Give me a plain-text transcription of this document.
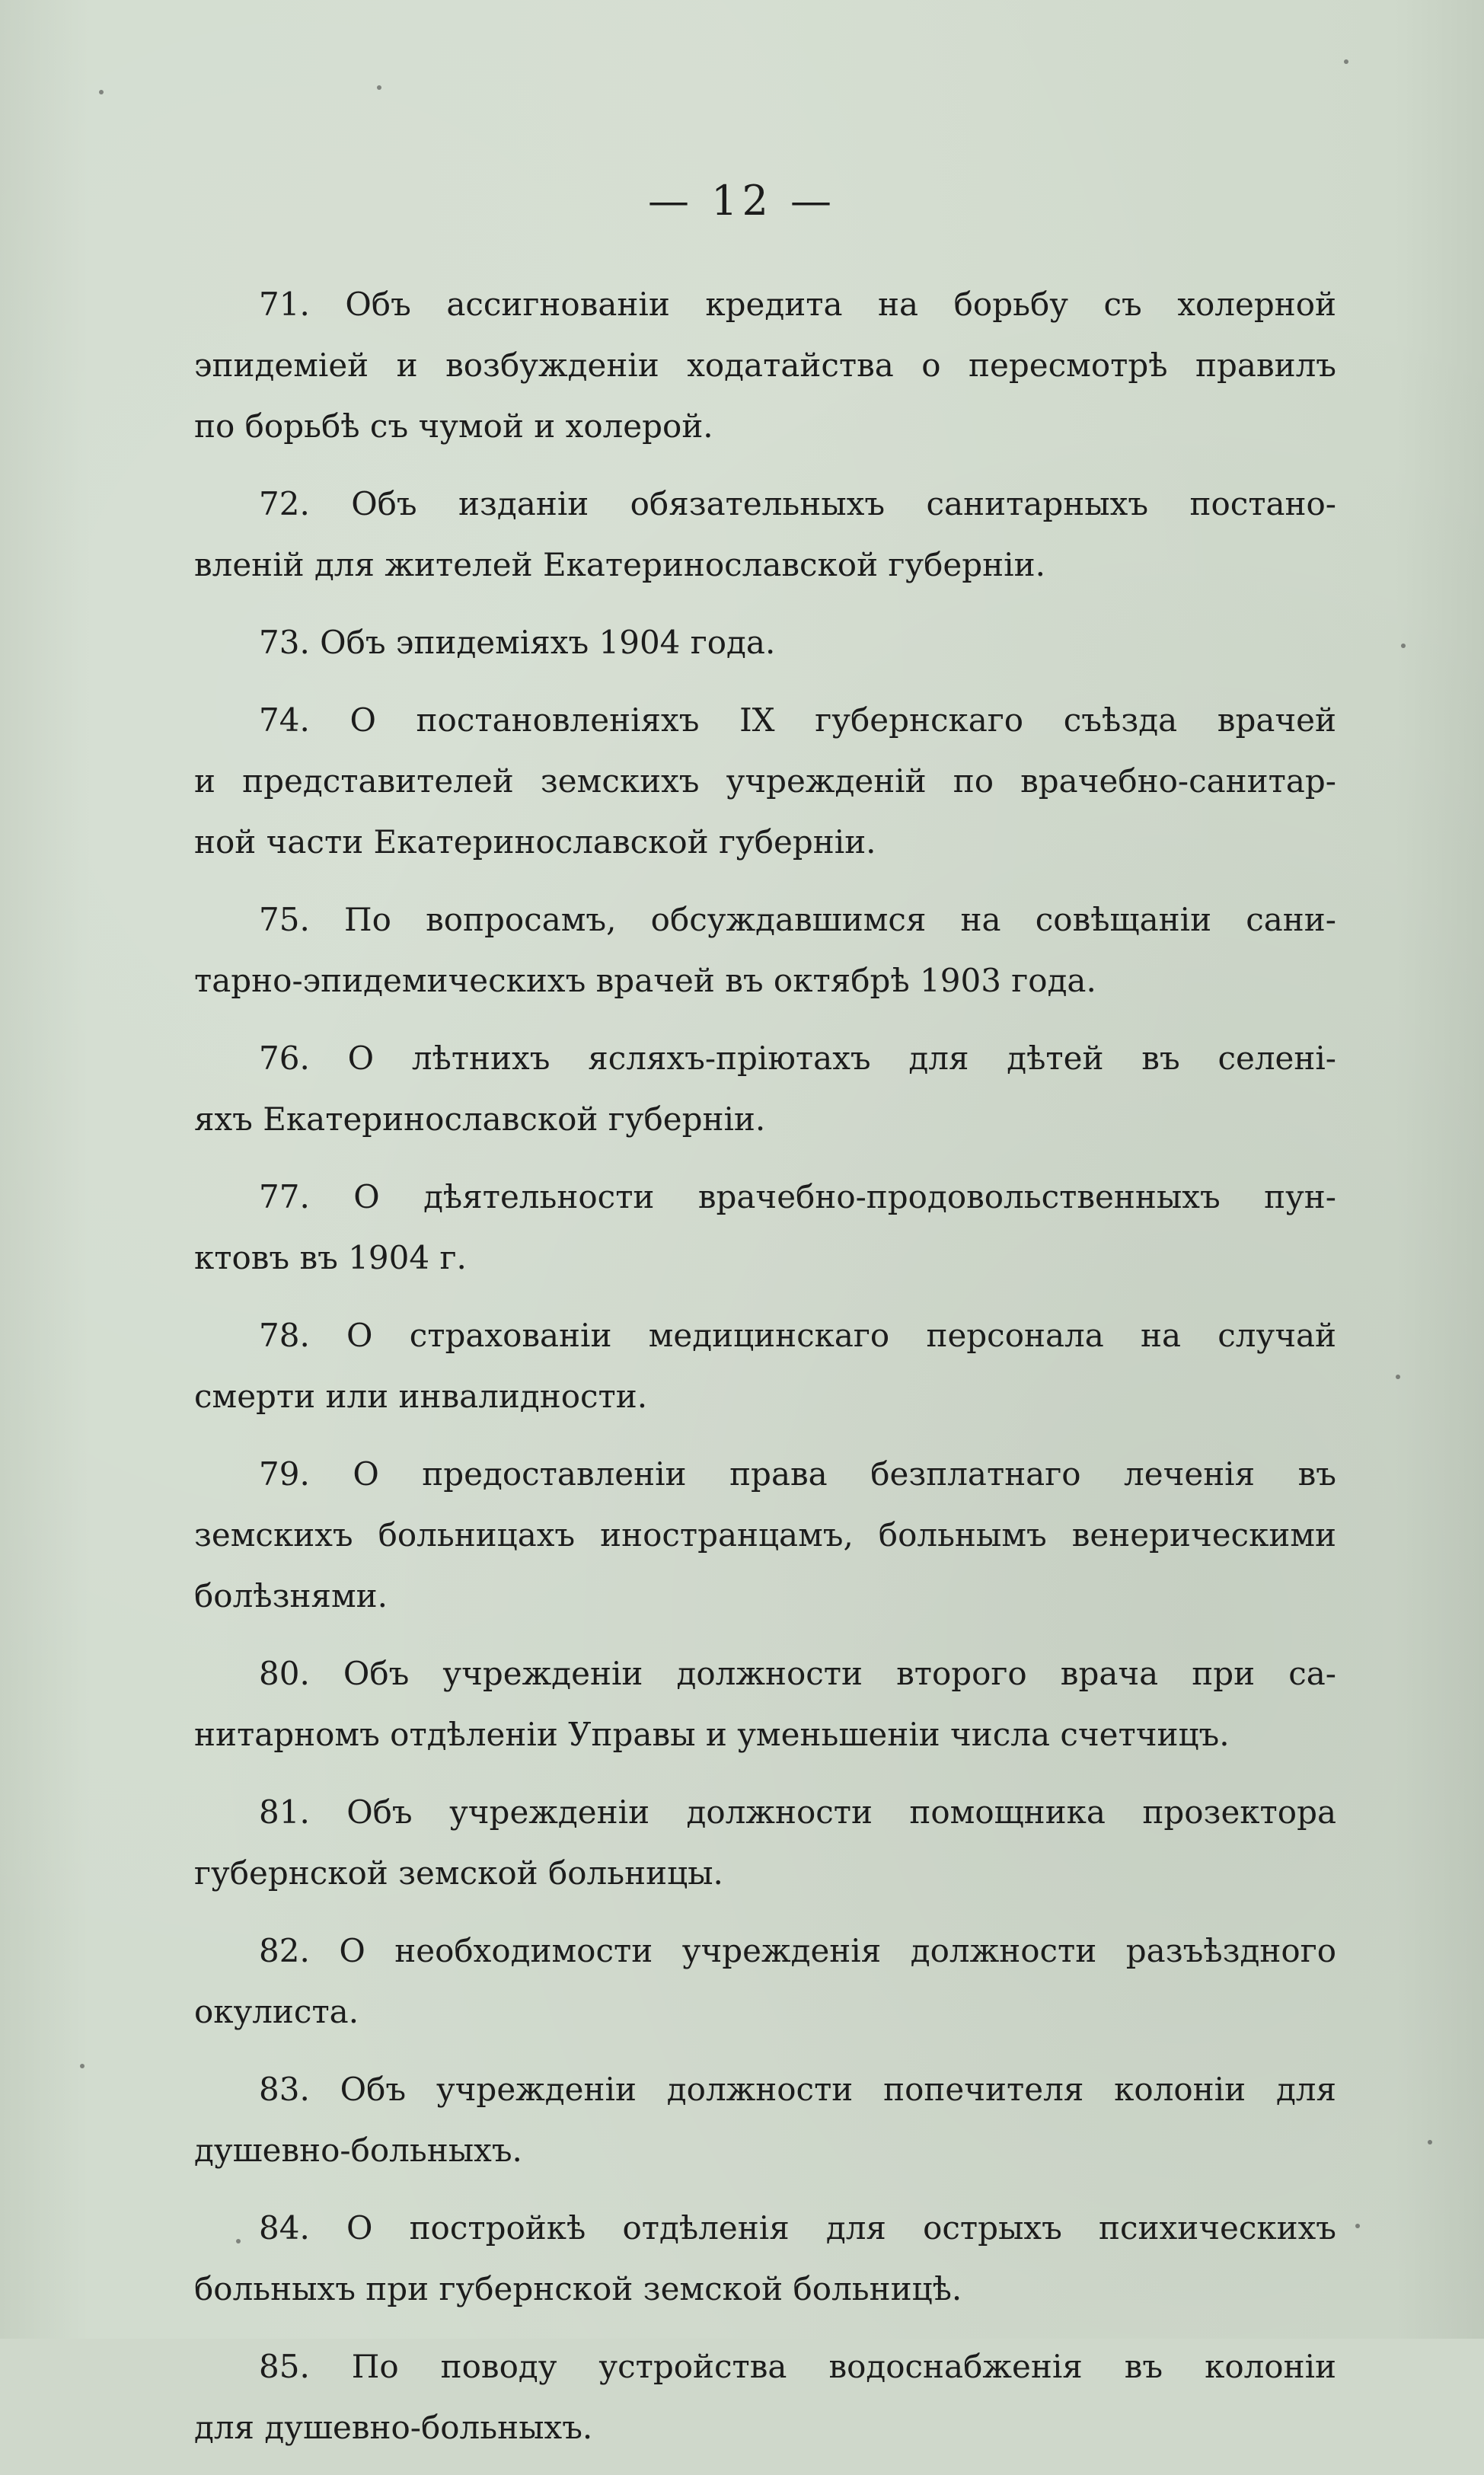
— 12 —
71. Объ ассигнованіи кредита на борьбу съ холерной
эпидеміей и возбужденіи ходатайства о пересмотрѣ правилъ
по борьбѣ съ чумой и холерой.
72. Объ изданіи обязательныхъ санитарныхъ постано-
вленій для жителей Екатеринославской губерніи.
73. Объ эпидеміяхъ 1904 года.
74. О постановленіяхъ IX губернскаго съѣзда врачей
и представителей земскихъ учрежденій по врачебно-санитар-
ной части Екатеринославской губерніи.
75. По вопросамъ, обсуждавшимся на совѣщаніи сани-
тарно-эпидемическихъ врачей въ октябрѣ 1903 года.
76. О лѣтнихъ ясляхъ-пріютахъ для дѣтей въ селені-
яхъ Екатеринославской губерніи.
77. О дѣятельности врачебно-продовольственныхъ пун-
ктовъ въ 1904 г.
78. О страхованіи медицинскаго персонала на случай
смерти или инвалидности.
79. О предоставленіи права безплатнаго леченія въ
земскихъ больницахъ иностранцамъ, больнымъ венерическими
болѣзнями.
80. Объ учрежденіи должности второго врача при са-
нитарномъ отдѣленіи Управы и уменьшеніи числа счетчицъ.
81. Объ учрежденіи должности помощника прозектора
губернской земской больницы.
82. О необходимости учрежденія должности разъѣздного
окулиста.
83. Объ учрежденіи должности попечителя колоніи для
душевно-больныхъ.
84. О постройкѣ отдѣленія для острыхъ психическихъ
больныхъ при губернской земской больницѣ.
85. По поводу устройства водоснабженія въ колоніи
для душевно-больныхъ.
